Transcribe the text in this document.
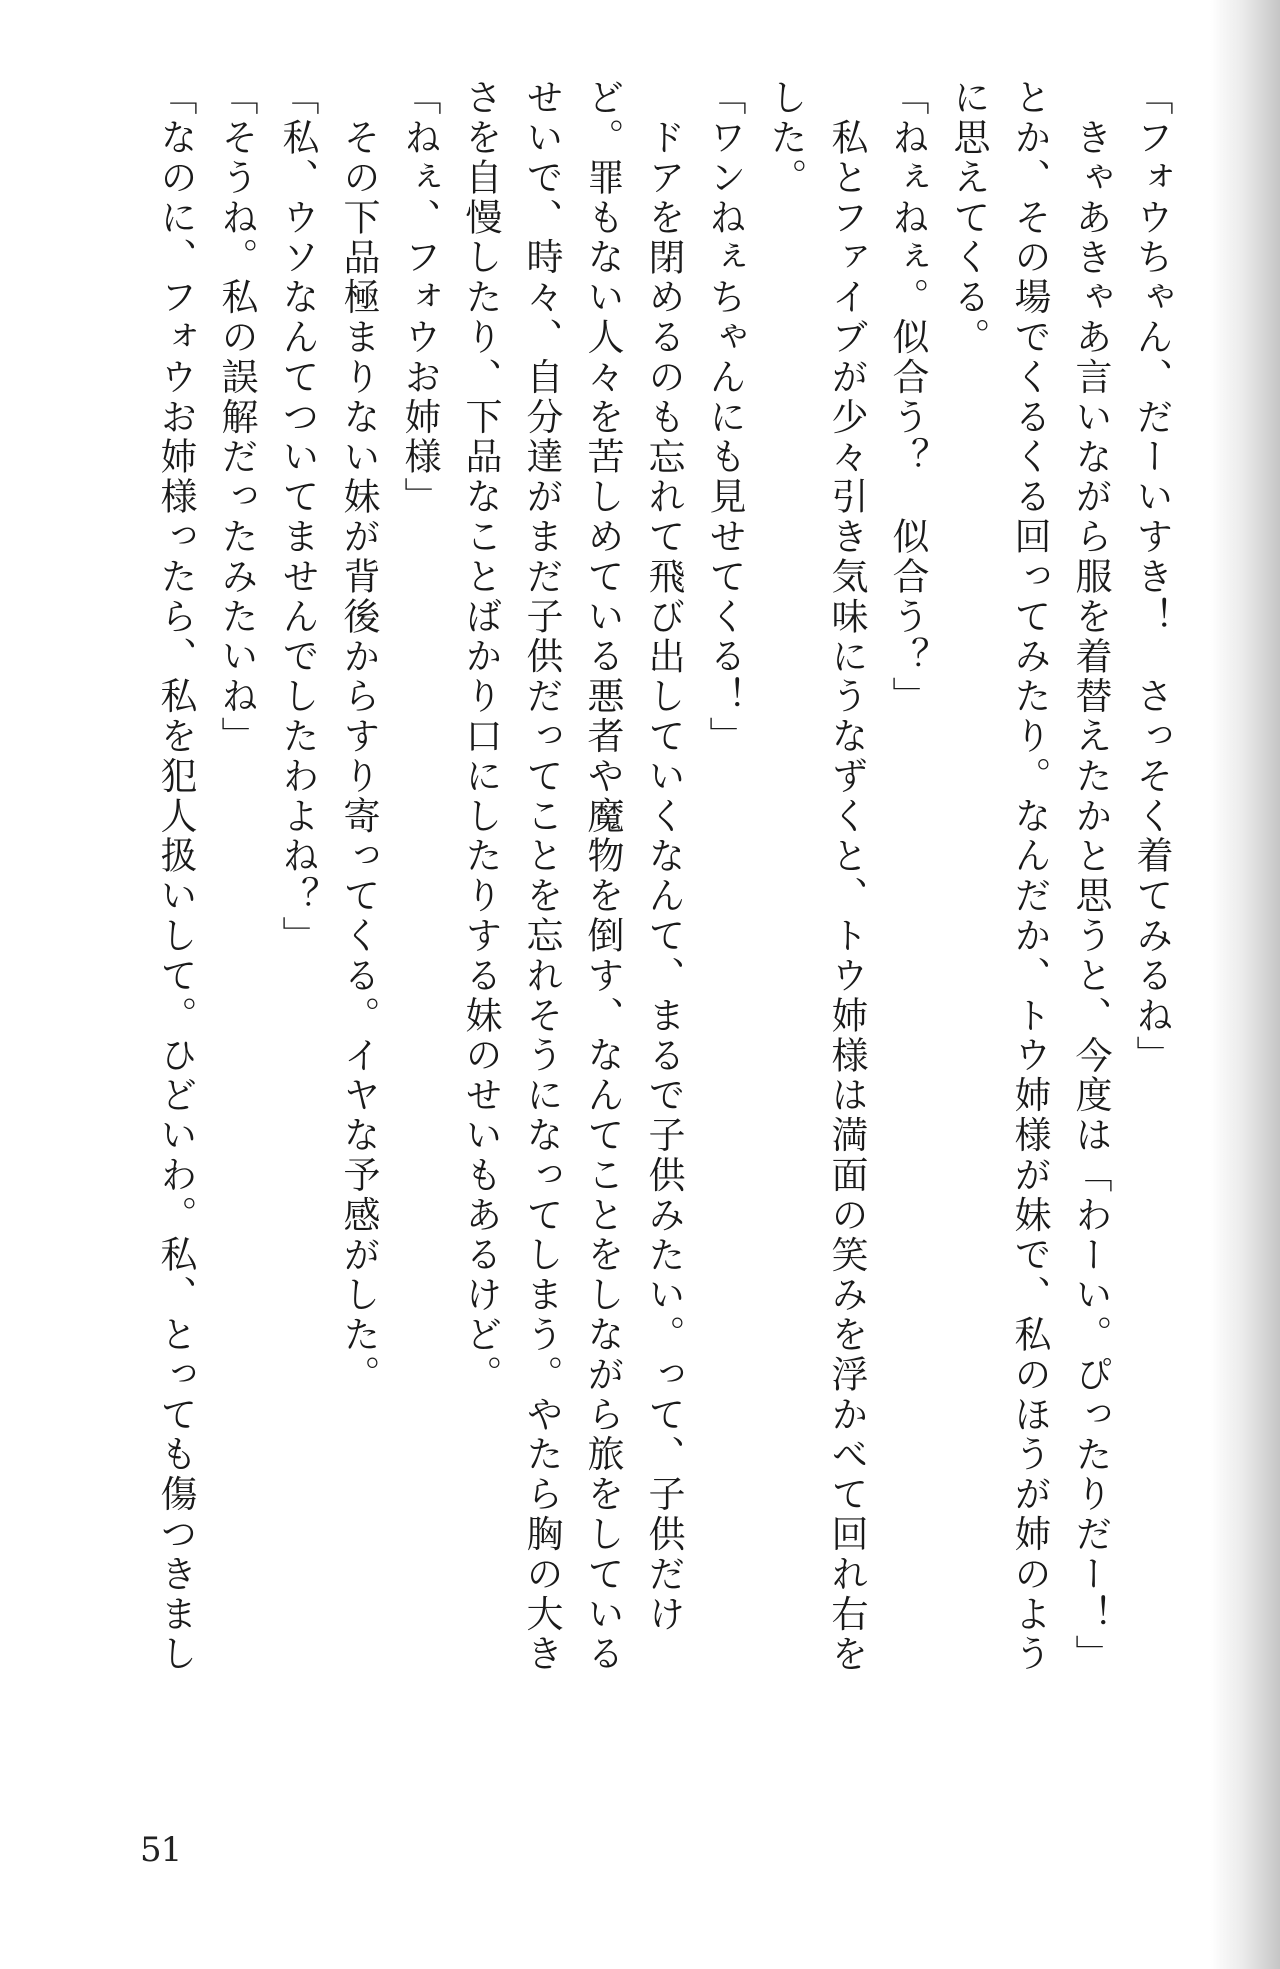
「フォウちゃん、だーいすき！　さっそく着てみるね」

きゃあきゃあ言いながら服を着替えたかと思うと、今度は「わーい。ぴったりだー！」

とか、その場でくるくる回ってみたり。なんだか、トウ姉様が妹で、私のほうが姉のよう

に思えてくる。

「ねぇねぇ。似合う？　似合う？」

私とファイブが少々引き気味にうなずくと、トウ姉様は満面の笑みを浮かべて回れ右を

した。

「ワンねぇちゃんにも見せてくる！」

ドアを閉めるのも忘れて飛び出していくなんて、まるで子供みたい。って、子供だけ

ど。罪もない人々を苦しめている悪者や魔物を倒す、なんてことをしながら旅をしている

せいで、時々、自分達がまだ子供だってことを忘れそうになってしまう。やたら胸の大き

さを自慢したり、下品なことばかり口にしたりする妹のせいもあるけど。

「ねぇ、フォウお姉様」

その下品極まりない妹が背後からすり寄ってくる。イヤな予感がした。

「私、ウソなんてついてませんでしたわよね？」

「そうね。私の誤解だったみたいね」

「なのに、フォウお姉様ったら、私を犯人扱いして。ひどいわ。私、とっても傷つきまし

51
